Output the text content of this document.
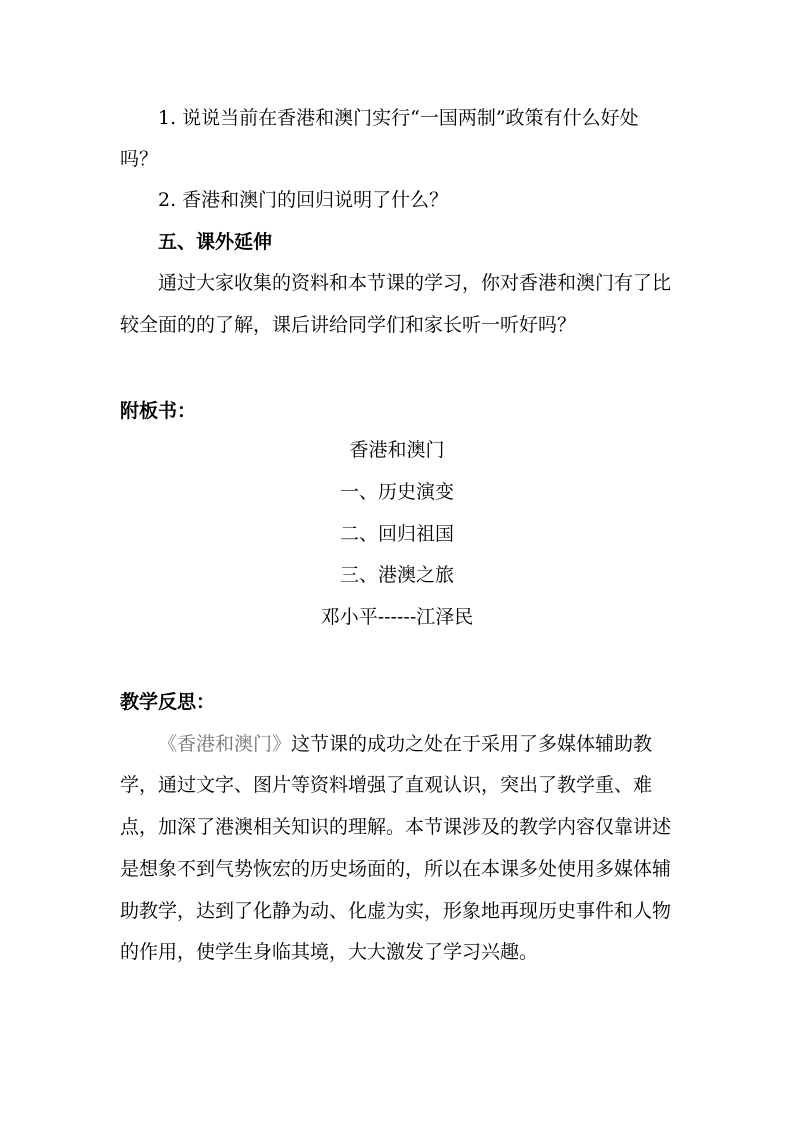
1. 说说当前在香港和澳门实行“一国两制”政策有什么好处
吗？
2. 香港和澳门的回归说明了什么？
五、课外延伸
通过大家收集的资料和本节课的学习，你对香港和澳门有了比
较全面的的了解，课后讲给同学们和家长听一听好吗？
附板书：
香港和澳门
一、历史演变
二、回归祖国
三、港澳之旅
邓小平------江泽民
教学反思：
《香港和澳门》这节课的成功之处在于采用了多媒体辅助教
学，通过文字、图片等资料增强了直观认识，突出了教学重、难
点，加深了港澳相关知识的理解。本节课涉及的教学内容仅靠讲述
是想象不到气势恢宏的历史场面的，所以在本课多处使用多媒体辅
助教学，达到了化静为动、化虚为实，形象地再现历史事件和人物
的作用，使学生身临其境，大大激发了学习兴趣。
